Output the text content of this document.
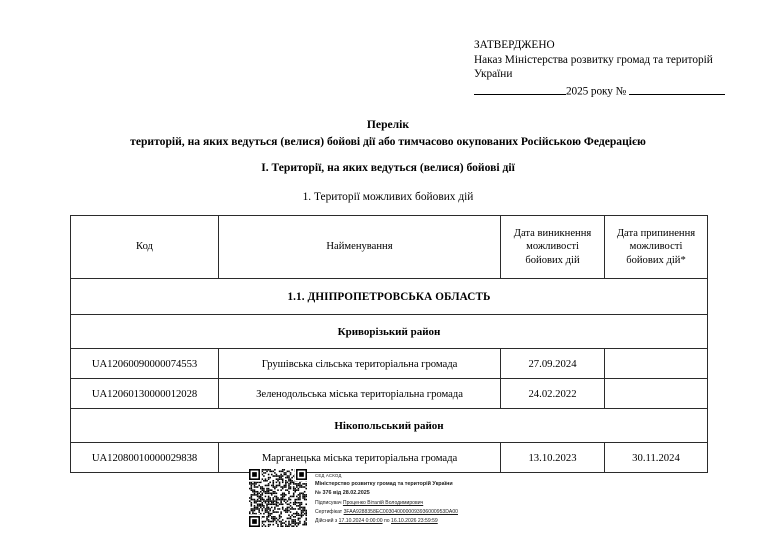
ЗАТВЕРДЖЕНО
Наказ Міністерства розвитку громад та територій України
2025 року №
Перелік
територій, на яких ведуться (велися) бойові дії або тимчасово окупованих Російською Федерацією
І. Території, на яких ведуться (велися) бойові дії
1. Території можливих бойових дій
Код	Найменування	Дата виникнення
можливості
бойових дій	Дата припинення
можливості
бойових дій*

1.1. ДНІПРОПЕТРОВСЬКА ОБЛАСТЬ			
Криворізький район			
UA12060090000074553	Грушівська сільська територіальна громада	27.09.2024	
UA12060130000012028	Зеленодольська міська територіальна громада	24.02.2022	
Нікопольський район			
UA12080010000029838	Марганецька міська територіальна громада	13.10.2023	30.11.2024
СЕД АСКОД
Міністерство розвитку громад та територій України
№ 376 від 28.02.2025
Підписувач Проценко Віталій Володимирович
Сертифікат 3FAA9288358EC0030400000093936000953DA00
Дійсний з 17.10.2024 0:00:00 по 16.10.2026 23:59:59
